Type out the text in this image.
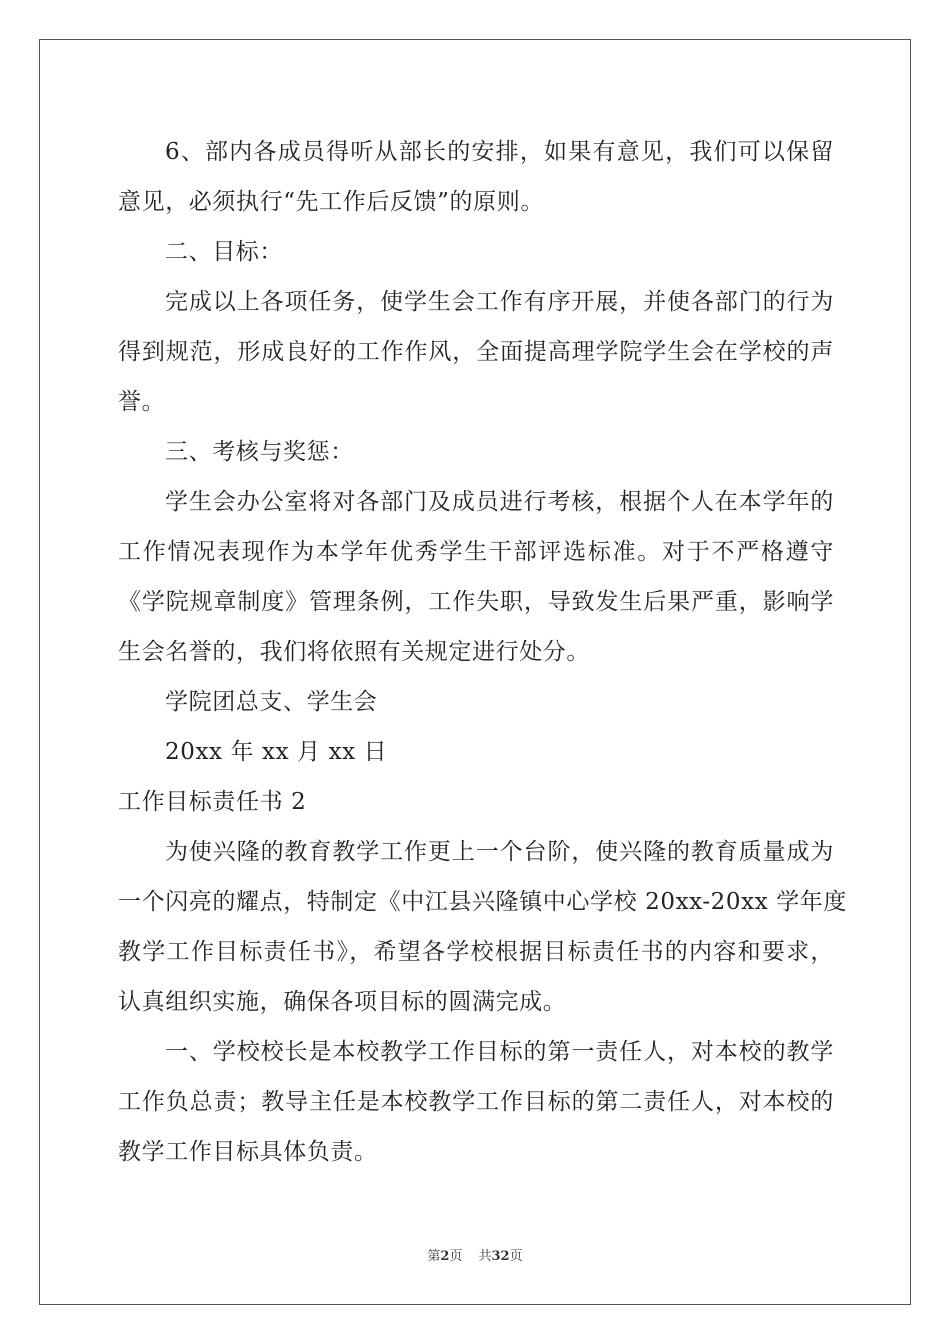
6、部内各成员得听从部长的安排，如果有意见，我们可以保留
意见，必须执行“先工作后反馈”的原则。
二、目标：
完成以上各项任务，使学生会工作有序开展，并使各部门的行为
得到规范，形成良好的工作作风，全面提高理学院学生会在学校的声
誉。
三、考核与奖惩：
学生会办公室将对各部门及成员进行考核，根据个人在本学年的
工作情况表现作为本学年优秀学生干部评选标准。对于不严格遵守
《学院规章制度》管理条例，工作失职，导致发生后果严重，影响学
生会名誉的，我们将依照有关规定进行处分。
学院团总支、学生会
20xx 年 xx 月 xx 日
工作目标责任书 2
为使兴隆的教育教学工作更上一个台阶，使兴隆的教育质量成为
一个闪亮的耀点，特制定《中江县兴隆镇中心学校 20xx-20xx 学年度
教学工作目标责任书》，希望各学校根据目标责任书的内容和要求，
认真组织实施，确保各项目标的圆满完成。
一、学校校长是本校教学工作目标的第一责任人，对本校的教学
工作负总责；教导主任是本校教学工作目标的第二责任人，对本校的
教学工作目标具体负责。
第2页 共32页
